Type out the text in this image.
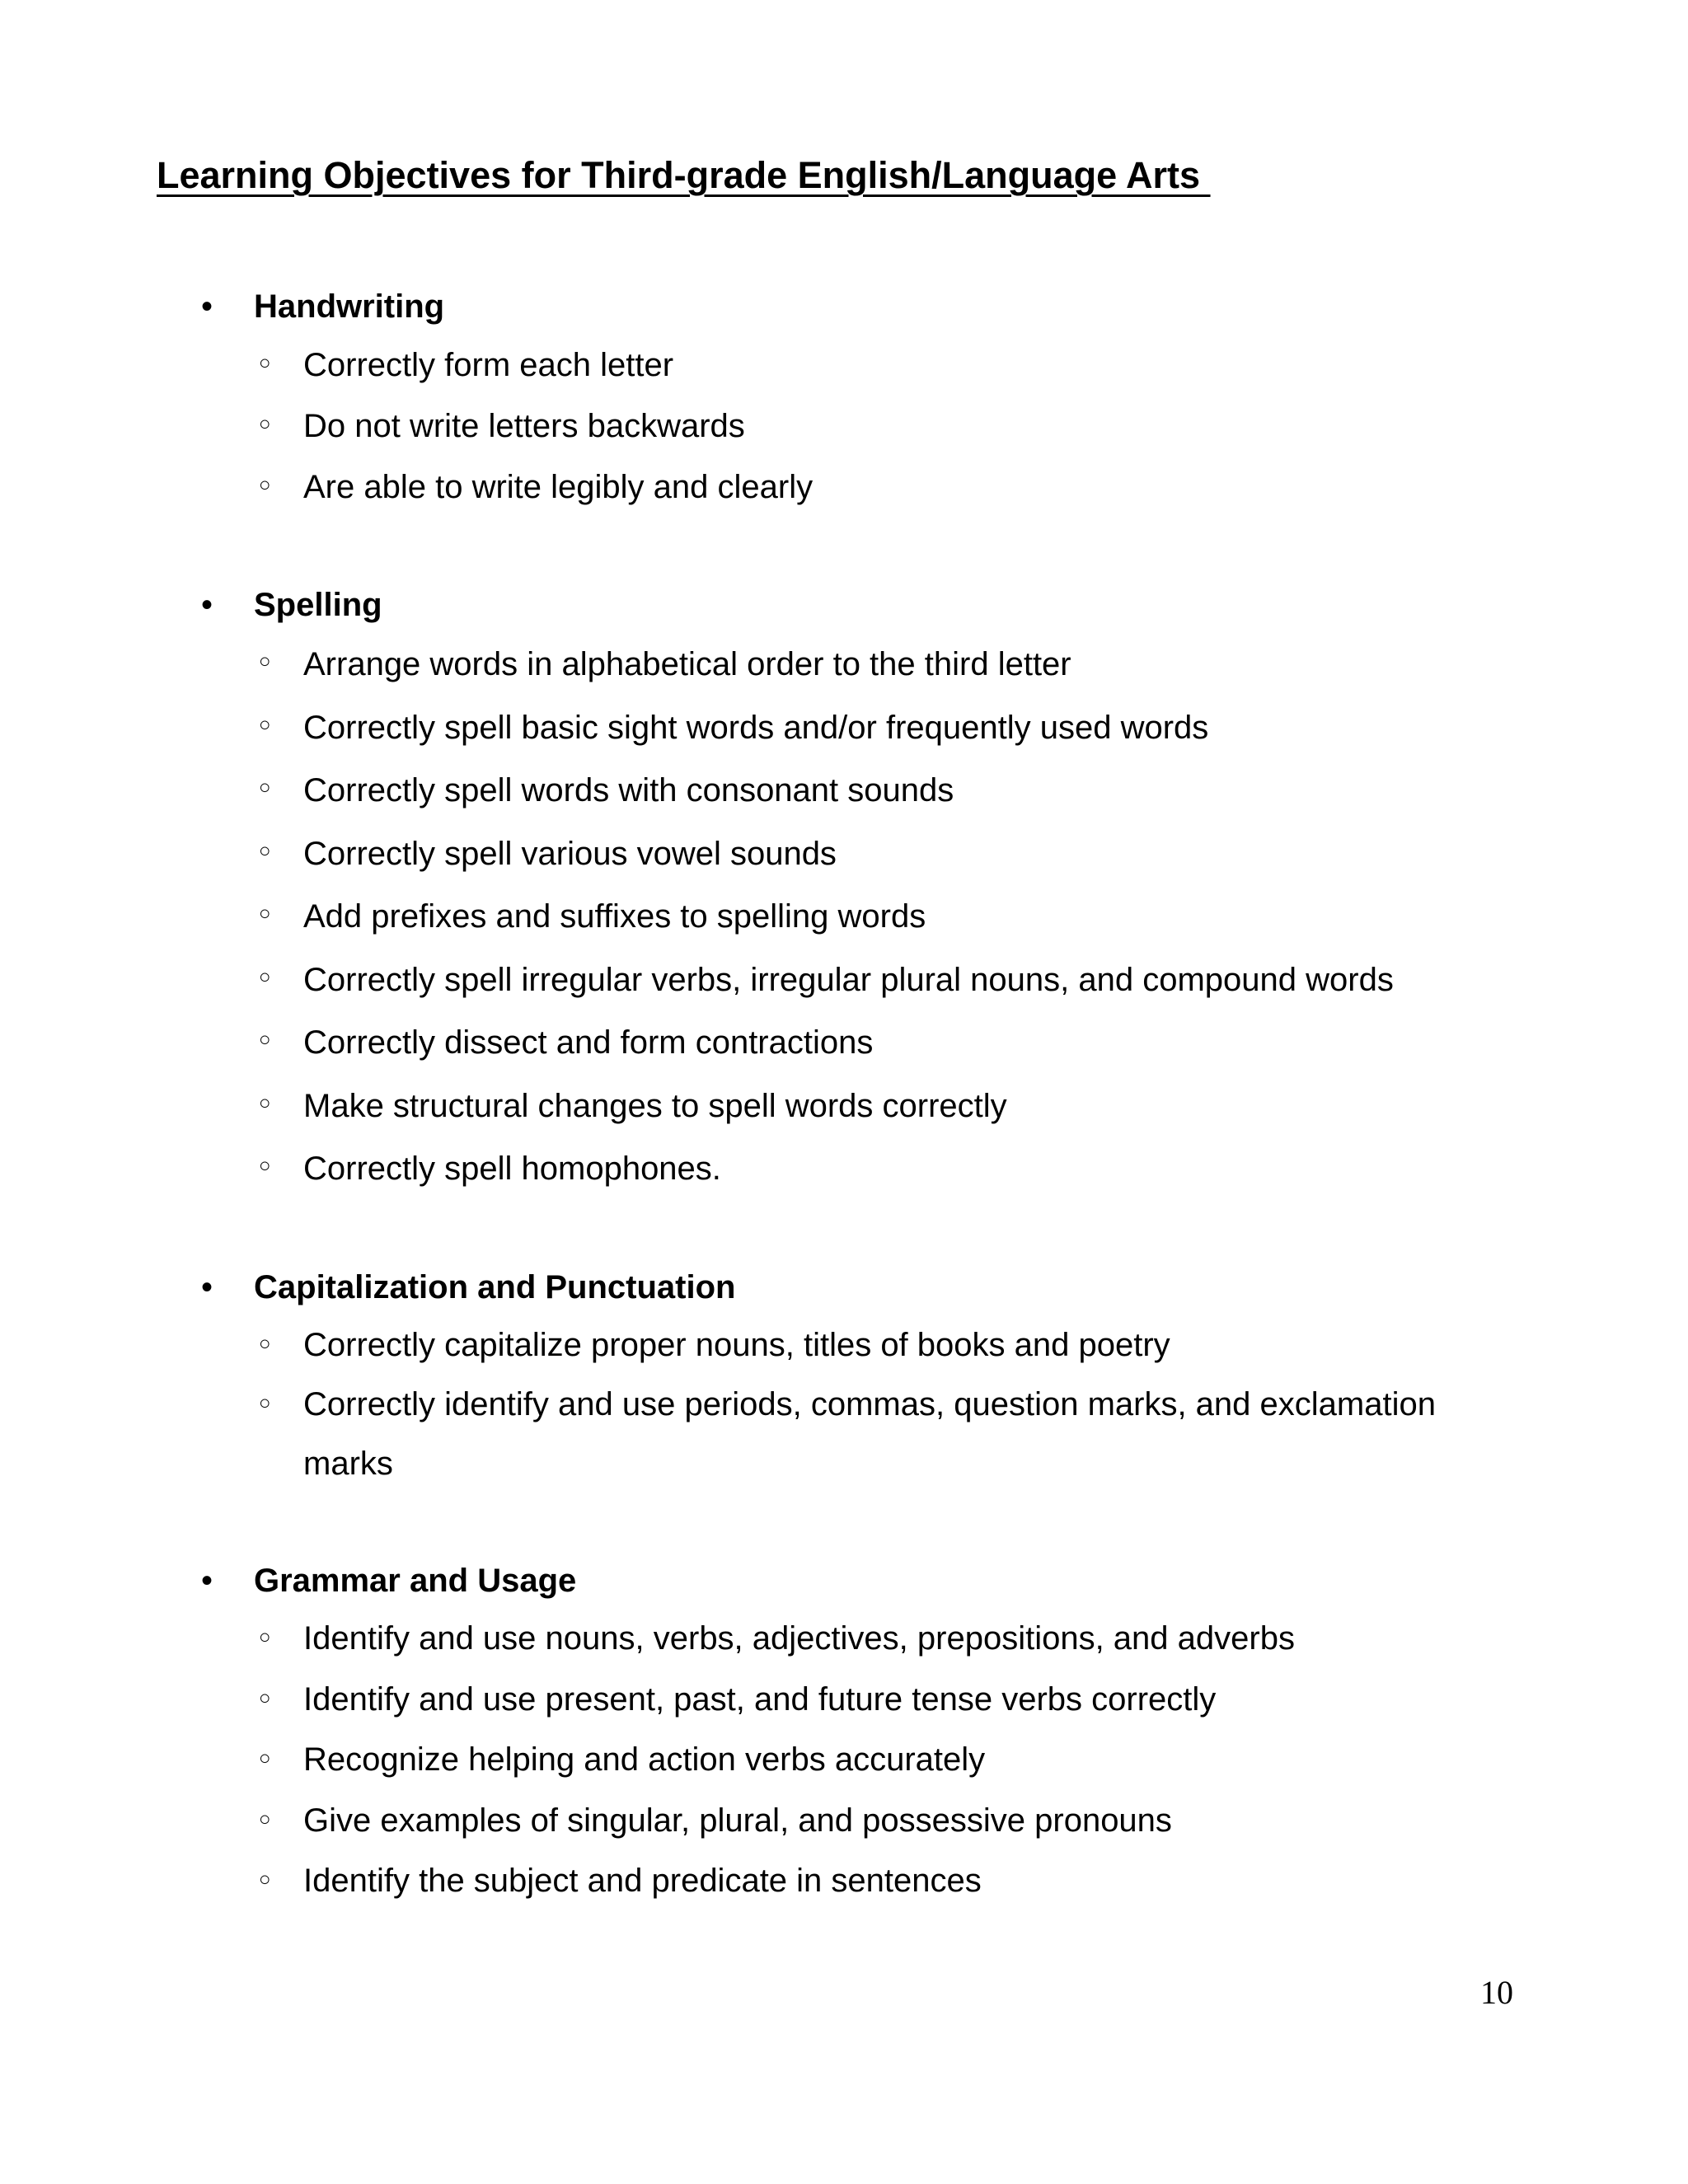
Learning Objectives for Third-grade English/Language Arts
• Handwriting
○ Correctly form each letter
○ Do not write letters backwards
○ Are able to write legibly and clearly
• Spelling
○ Arrange words in alphabetical order to the third letter
○ Correctly spell basic sight words and/or frequently used words
○ Correctly spell words with consonant sounds
○ Correctly spell various vowel sounds
○ Add prefixes and suffixes to spelling words
○ Correctly spell irregular verbs, irregular plural nouns, and compound words
○ Correctly dissect and form contractions
○ Make structural changes to spell words correctly
○ Correctly spell homophones.
• Capitalization and Punctuation
○ Correctly capitalize proper nouns, titles of books and poetry
○ Correctly identify and use periods, commas, question marks, and exclamation marks
• Grammar and Usage
○ Identify and use nouns, verbs, adjectives, prepositions, and adverbs
○ Identify and use present, past, and future tense verbs correctly
○ Recognize helping and action verbs accurately
○ Give examples of singular, plural, and possessive pronouns
○ Identify the subject and predicate in sentences
10
